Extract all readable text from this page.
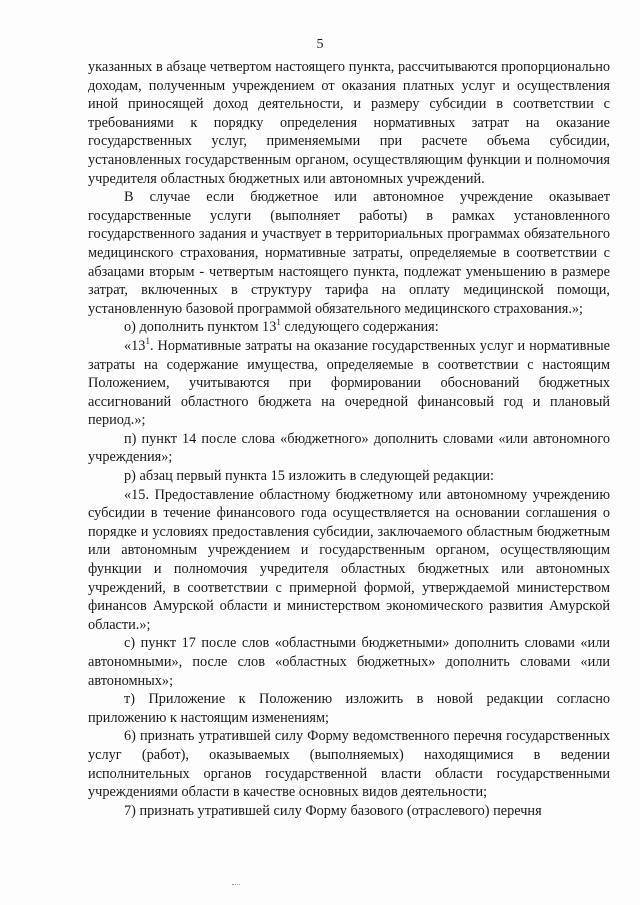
5

указанных в абзаце четвертом настоящего пункта, рассчитываются пропорционально доходам, полученным учреждением от оказания платных услуг и осуществления иной приносящей доход деятельности, и размеру субсидии в соответствии с требованиями к порядку определения нормативных затрат на оказание государственных услуг, применяемыми при расчете объема субсидии, установленных государственным органом, осуществляющим функции и полномочия учредителя областных бюджетных или автономных учреждений.

В случае если бюджетное или автономное учреждение оказывает государственные услуги (выполняет работы) в рамках установленного государственного задания и участвует в территориальных программах обязательного медицинского страхования, нормативные затраты, определяемые в соответствии с абзацами вторым - четвертым настоящего пункта, подлежат уменьшению в размере затрат, включенных в структуру тарифа на оплату медицинской помощи, установленную базовой программой обязательного медицинского страхования.»;

о) дополнить пунктом $13^1$ следующего содержания:

«$13^1$. Нормативные затраты на оказание государственных услуг и нормативные затраты на содержание имущества, определяемые в соответствии с настоящим Положением, учитываются при формировании обоснований бюджетных ассигнований областного бюджета на очередной финансовый год и плановый период.»;

п) пункт 14 после слова «бюджетного» дополнить словами «или автономного учреждения»;

р) абзац первый пункта 15 изложить в следующей редакции:

«15. Предоставление областному бюджетному или автономному учреждению субсидии в течение финансового года осуществляется на основании соглашения о порядке и условиях предоставления субсидии, заключаемого областным бюджетным или автономным учреждением и государственным органом, осуществляющим функции и полномочия учредителя областных бюджетных или автономных учреждений, в соответствии с примерной формой, утверждаемой министерством финансов Амурской области и министерством экономического развития Амурской области.»;

с) пункт 17 после слов «областными бюджетными» дополнить словами «или автономными», после слов «областных бюджетных» дополнить словами «или автономных»;

т) Приложение к Положению изложить в новой редакции согласно приложению к настоящим изменениям;

6) признать утратившей силу Форму ведомственного перечня государственных услуг (работ), оказываемых (выполняемых) находящимися в ведении исполнительных органов государственной власти области государственными учреждениями области в качестве основных видов деятельности;

7) признать утратившей силу Форму базового (отраслевого) перечня
